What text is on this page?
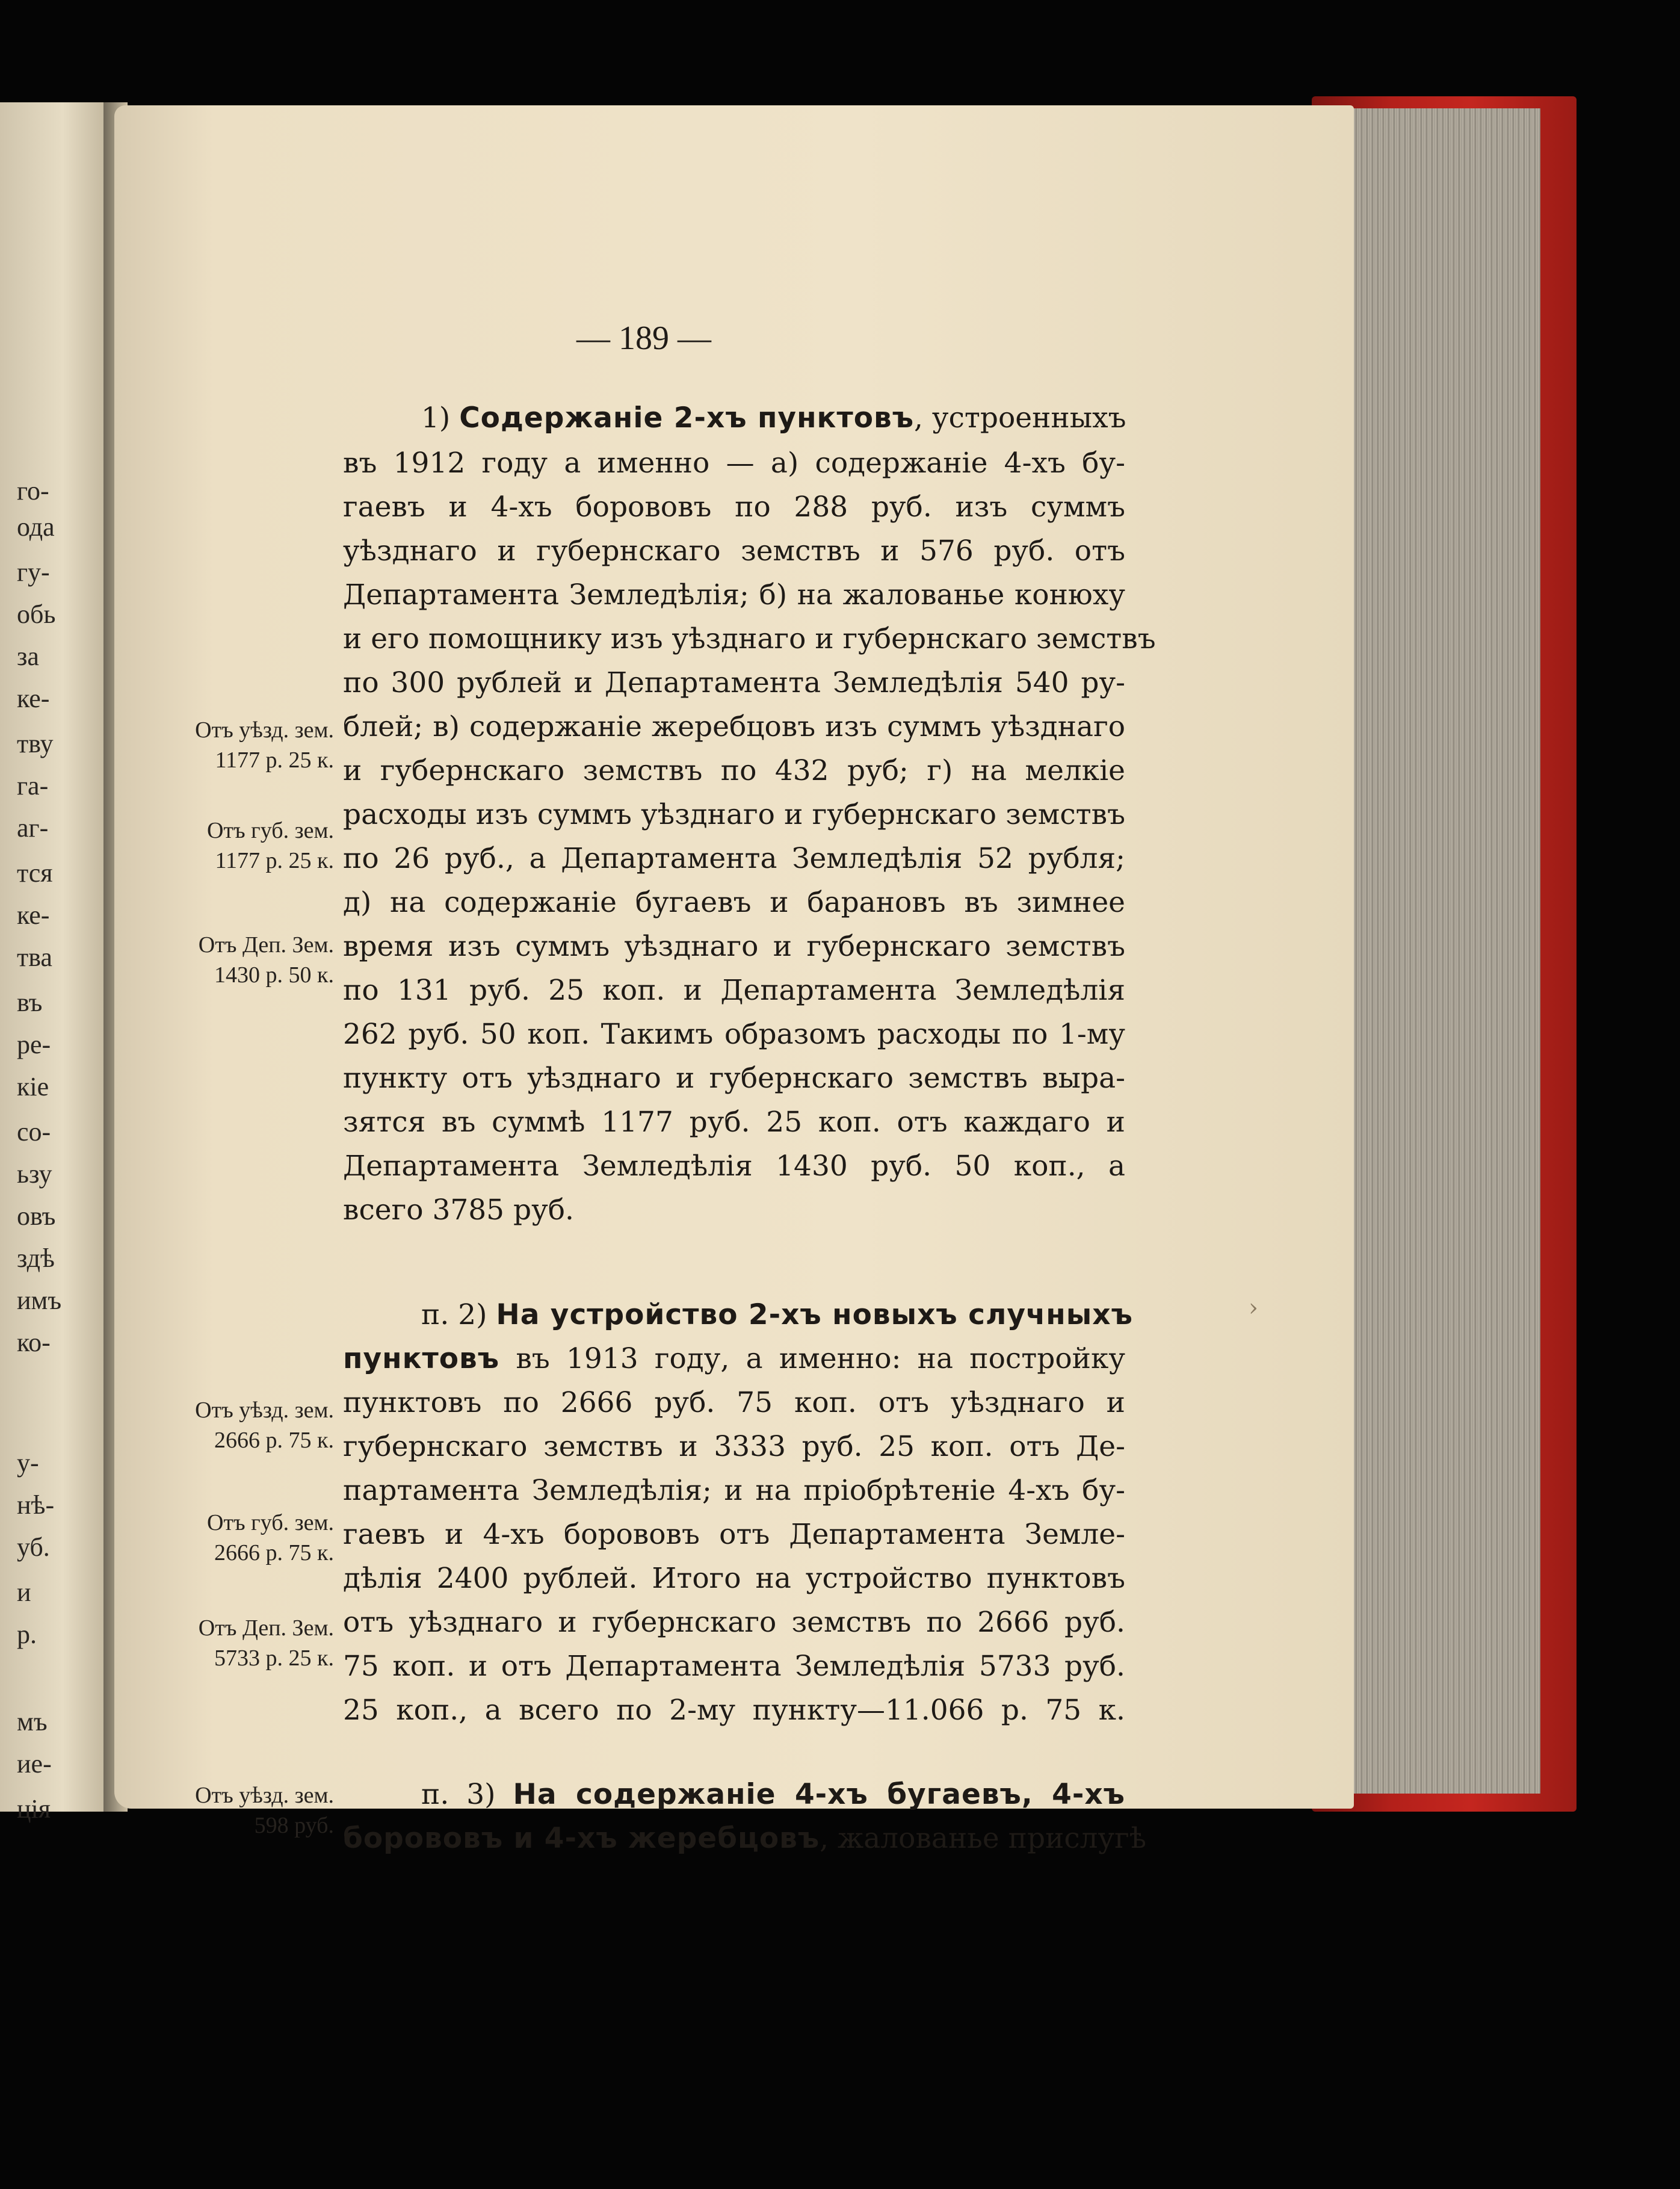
го-
ода
гу-
обь
за
ке-
тву
га-
аг-
тся
ке-
тва
въ
ре-
кіе
со-
ьзу
овъ
здѣ
имъ
ко-
у-
нѣ-
уб.
и
р.
мъ
ие-
ція
— 189 —
1) Содержаніе 2-хъ пунктовъ, устроенныхъ
въ 1912 году а именно — а) содержаніе 4-хъ бу-
гаевъ и 4-хъ борововъ по 288 руб. изъ суммъ
уѣзднаго и губернскаго земствъ и 576 руб. отъ
Департамента Земледѣлія; б) на жалованье конюху
и его помощнику изъ уѣзднаго и губернскаго земствъ
по 300 рублей и Департамента Земледѣлія 540 ру-
блей; в) содержаніе жеребцовъ изъ суммъ уѣзднаго
и губернскаго земствъ по 432 руб; г) на мелкіе
расходы изъ суммъ уѣзднаго и губернскаго земствъ
по 26 руб., а Департамента Земледѣлія 52 рубля;
д) на содержаніе бугаевъ и барановъ въ зимнее
время изъ суммъ уѣзднаго и губернскаго земствъ
по 131 руб. 25 коп. и Департамента Земледѣлія
262 руб. 50 коп. Такимъ образомъ расходы по 1-му
пункту отъ уѣзднаго и губернскаго земствъ выра-
зятся въ суммѣ 1177 руб. 25 коп. отъ каждаго и
Департамента Земледѣлія 1430 руб. 50 коп., а
всего 3785 руб.
п. 2) На устройство 2-хъ новыхъ случныхъ
пунктовъ въ 1913 году, а именно: на постройку
пунктовъ по 2666 руб. 75 коп. отъ уѣзднаго и
губернскаго земствъ и 3333 руб. 25 коп. отъ Де-
партамента Земледѣлія; и на пріобрѣтеніе 4-хъ бу-
гаевъ и 4-хъ борововъ отъ Департамента Земле-
дѣлія 2400 рублей. Итого на устройство пунктовъ
отъ уѣзднаго и губернскаго земствъ по 2666 руб.
75 коп. и отъ Департамента Земледѣлія 5733 руб.
25 коп., а всего по 2-му пункту—11.066 р. 75 к.
п. 3) На содержаніе 4-хъ бугаевъ, 4-хъ
борововъ и 4-хъ жеребцовъ, жалованье прислугѣ
Отъ уѣзд. зем.
1177 р. 25 к.
Отъ губ. зем.
1177 р. 25 к.
Отъ Деп. Зем.
1430 р. 50 к.
Отъ уѣзд. зем.
2666 р. 75 к.
Отъ губ. зем.
2666 р. 75 к.
Отъ Деп. Зем.
5733 р. 25 к.
Отъ уѣзд. зем.
598 руб.
›
